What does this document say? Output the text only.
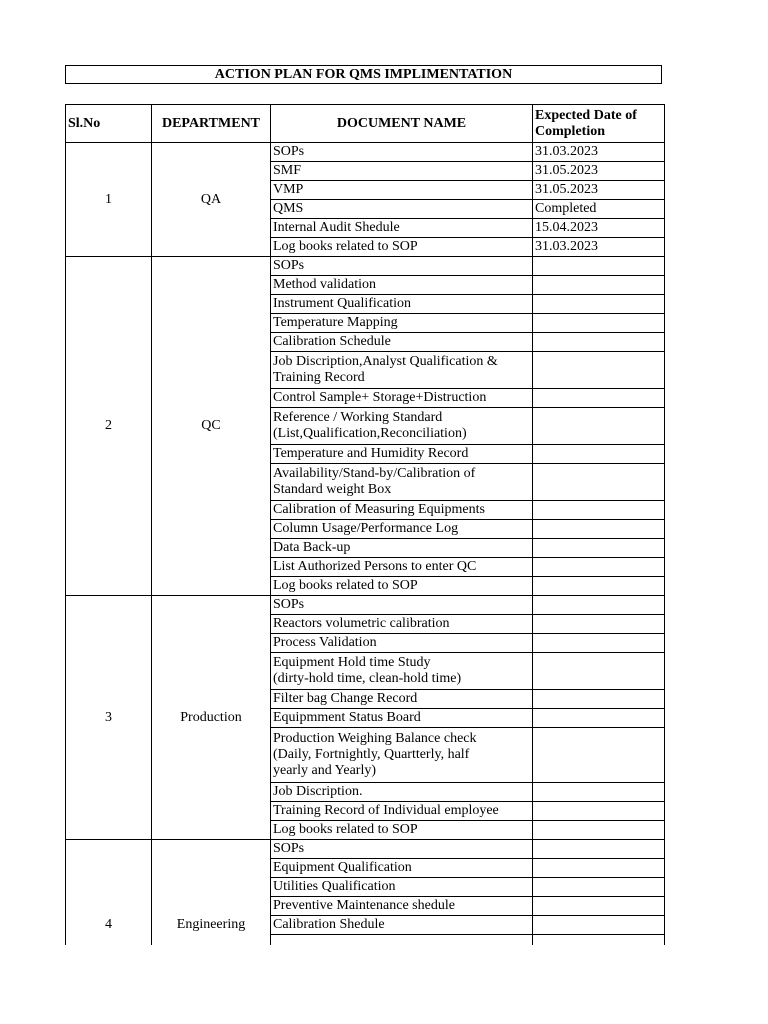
ACTION PLAN FOR QMS IMPLIMENTATION
Sl.No	DEPARTMENT	DOCUMENT NAME	Expected Date of Completion
1	QA	SOPs	31.03.2023
		SMF	31.05.2023
		VMP	31.05.2023
		QMS	Completed
		Internal Audit Shedule	15.04.2023
		Log books related to SOP	31.03.2023
2	QC	SOPs	
		Method validation	
		Instrument Qualification	
		Temperature Mapping	
		Calibration Schedule	
		Job Discription,Analyst Qualification &
Training Record	
		Control Sample+ Storage+Distruction	
		Reference / Working Standard
(List,Qualification,Reconciliation)	
		Temperature and Humidity Record	
		Availability/Stand-by/Calibration of
Standard weight Box	
		Calibration of Measuring Equipments	
		Column Usage/Performance Log	
		Data Back-up	
		List Authorized Persons to enter QC	
		Log books related to SOP	
3	Production	SOPs	
		Reactors volumetric calibration	
		Process Validation	
		Equipment Hold time Study
(dirty-hold time, clean-hold time)	
		Filter bag Change Record	
		Equipmment Status Board	
		Production Weighing Balance check
(Daily, Fortnightly, Quartterly, half
yearly and Yearly)	
		Job Discription.	
		Training Record of Individual employee	
		Log books related to SOP	
4	Engineering	SOPs	
		Equipment Qualification	
		Utilities Qualification	
		Preventive Maintenance shedule	
		Calibration Shedule	
